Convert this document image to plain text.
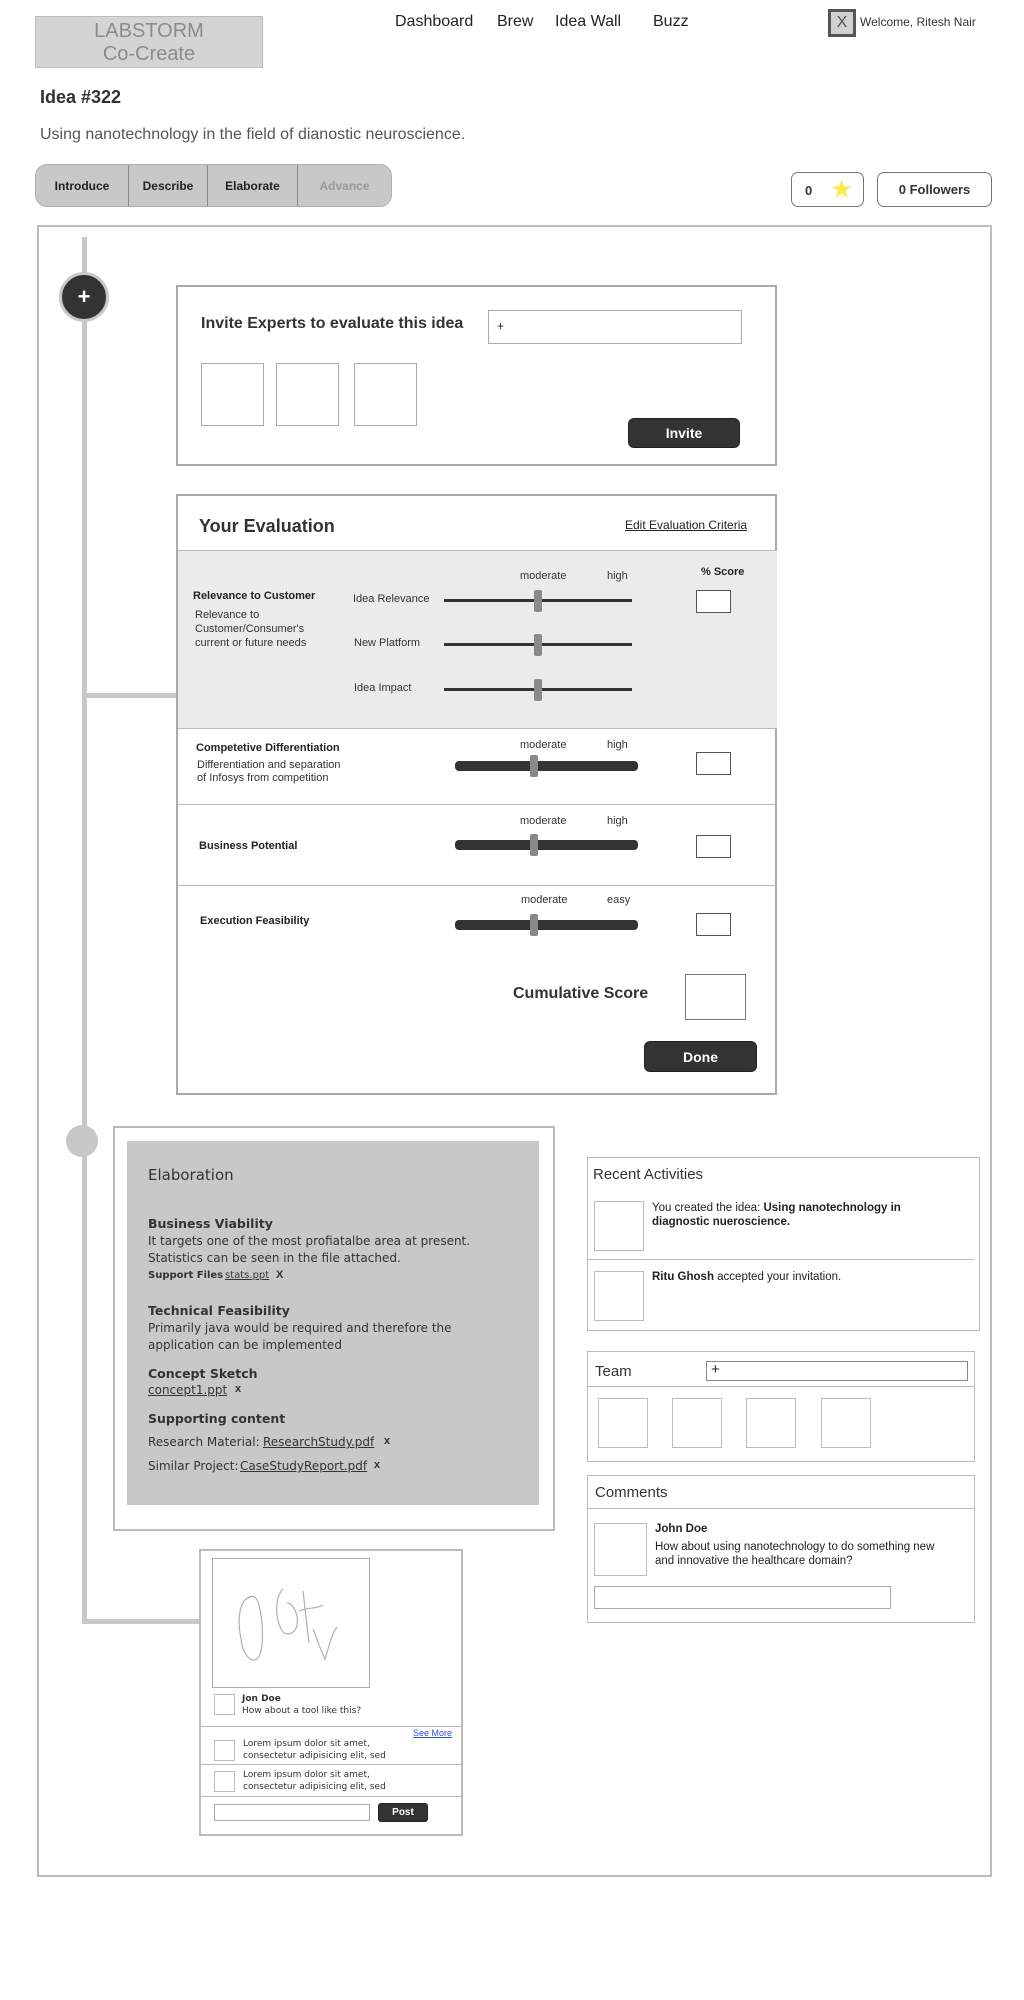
LABSTORM
Co-Create
Dashboard Brew Idea Wall Buzz	X	Welcome, Ritesh Nair
Idea #322
Using nanotechnology in the field of dianostic neuroscience.
Introduce	Describe	Elaborate	Advance	0 ★	0 Followers
+
Invite Experts to evaluate this idea	+
Invite
Your Evaluation	Edit Evaluation Criteria
moderate	high	% Score
Relevance to Customer
Relevance to
Customer/Consumer's
current or future needs
Idea Relevance
New Platform
Idea Impact
moderate	high
Competetive Differentiation
Differentiation and separation
of Infosys from competition
moderate	high
Business Potential
moderate	easy
Execution Feasibility
Cumulative Score
Done
Elaboration
Business Viability
It targets one of the most profiatalbe area at present.
Statistics can be seen in the file attached.
Support Files stats.ppt X
Technical Feasibility
Primarily java would be required and therefore the
application can be implemented
Concept Sketch
concept1.ppt x
Supporting content
Research Material: ResearchStudy.pdf x
Similar Project: CaseStudyReport.pdf x
Jon Doe
How about a tool like this?
See More
Lorem ipsum dolor sit amet,
consectetur adipisicing elit, sed
Lorem ipsum dolor sit amet,
consectetur adipisicing elit, sed
Post
Recent Activities
You created the idea: Using nanotechnology in
diagnostic nueroscience.
Ritu Ghosh accepted your invitation.
Team	+
Comments
John Doe
How about using nanotechnology to do something new
and innovative the healthcare domain?
